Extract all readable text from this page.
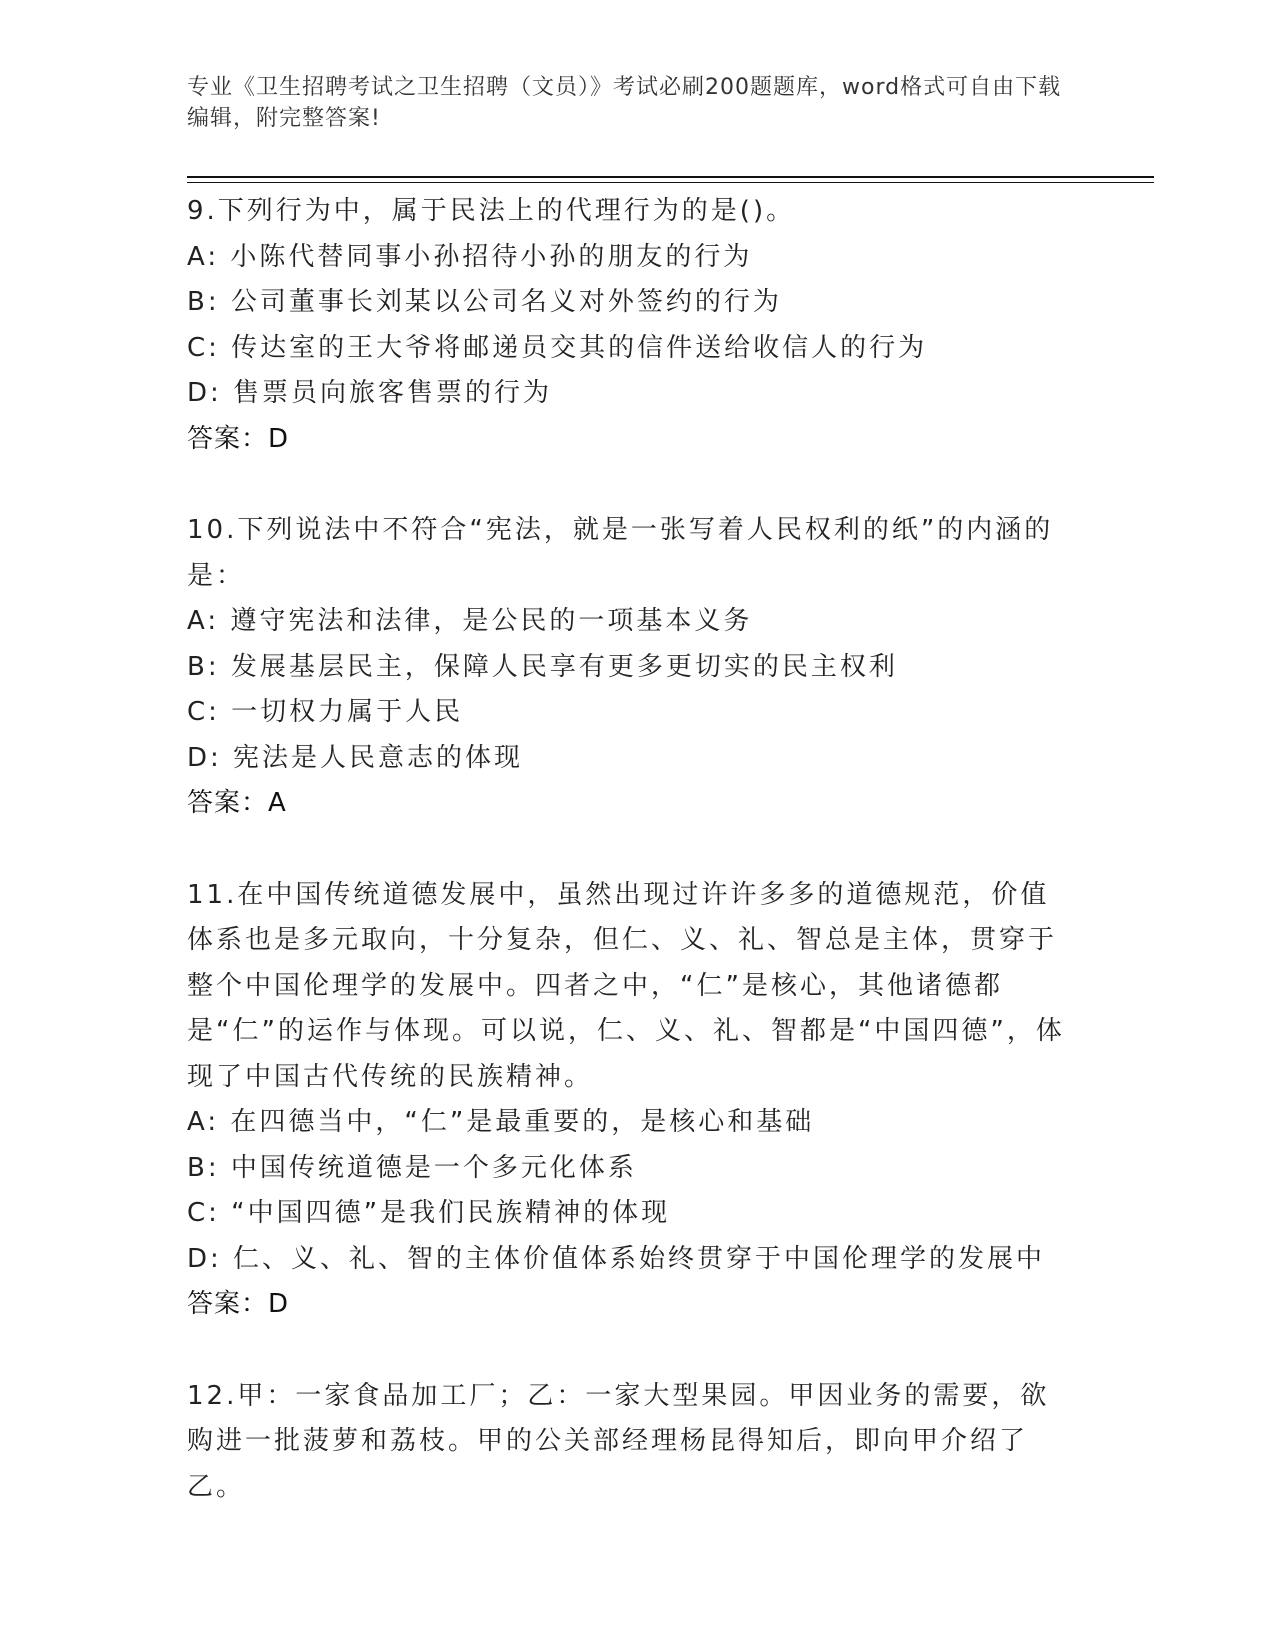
专业《卫生招聘考试之卫生招聘（文员）》考试必刷200题题库，word格式可自由下载编辑，附完整答案!

9.下列行为中，属于民法上的代理行为的是()。

A: 小陈代替同事小孙招待小孙的朋友的行为

B: 公司董事长刘某以公司名义对外签约的行为

C: 传达室的王大爷将邮递员交其的信件送给收信人的行为

D: 售票员向旅客售票的行为

答案：D

10.下列说法中不符合“宪法，就是一张写着人民权利的纸”的内涵的是：

A: 遵守宪法和法律，是公民的一项基本义务

B: 发展基层民主，保障人民享有更多更切实的民主权利

C: 一切权力属于人民

D: 宪法是人民意志的体现

答案：A

11.在中国传统道德发展中，虽然出现过许许多多的道德规范，价值体系也是多元取向，十分复杂，但仁、义、礼、智总是主体，贯穿于整个中国伦理学的发展中。四者之中，“仁”是核心，其他诸德都是“仁”的运作与体现。可以说，仁、义、礼、智都是“中国四德”，体现了中国古代传统的民族精神。

A: 在四德当中，“仁”是最重要的，是核心和基础

B: 中国传统道德是一个多元化体系

C: “中国四德”是我们民族精神的体现

D: 仁、义、礼、智的主体价值体系始终贯穿于中国伦理学的发展中

答案：D

12.甲：一家食品加工厂；乙：一家大型果园。甲因业务的需要，欲购进一批菠萝和荔枝。甲的公关部经理杨昆得知后，即向甲介绍了乙。
